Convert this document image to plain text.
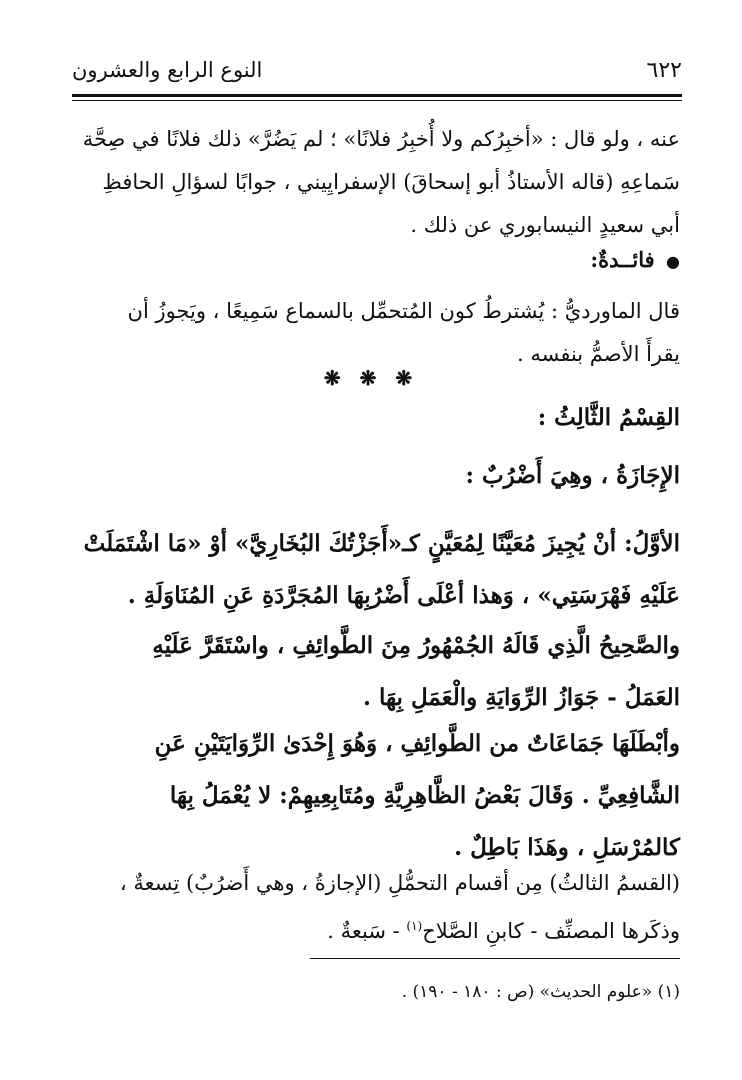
٦٢٢
النوع الرابع والعشرون
عنه ، ولو قال : «أخبِرُكم ولا أُخبِرُ فلانًا» ؛ لم يَضُرَّ» ذلك فلانًا في صِحَّة
سَماعِهِ (قاله الأستاذُ أبو إسحاقَ) الإسفرايِيني ، جوابًا لسؤالِ الحافظِ
أبي سعيدٍ النيسابوري عن ذلك .
● فائــدةٌ:
قال الماورديُّ : يُشترطُ كون المُتحمِّل بالسماع سَمِيعًا ، ويَجوزُ أن
يقرأَ الأصمُّ بنفسه .
❋ ❋ ❋
القِسْمُ الثَّالِثُ :
الإِجَازَةُ ، وهِيَ أَضْرُبٌ :
الأوَّلُ: أنْ يُجِيزَ مُعَيَّنًا لِمُعَيَّنٍ كـ«أَجَزْتُكَ البُخَارِيَّ» أوْ «مَا اشْتَمَلَتْ
عَلَيْهِ فَهْرَسَتِي» ، وَهذا أعْلَى أَضْرُبِهَا المُجَرَّدَةِ عَنِ المُنَاوَلَةِ .
والصَّحِيحُ الَّذِي قَالَهُ الجُمْهُورُ مِنَ الطَّوائِفِ ، واسْتَقَرَّ عَلَيْهِ
العَمَلُ - جَوَازُ الرِّوَايَةِ والْعَمَلِ بِهَا .
وأبْطَلَهَا جَمَاعَاتٌ من الطَّوائِفِ ، وَهُوَ إِحْدَىٰ الرِّوَايَتَيْنِ عَنِ
الشَّافِعِيِّ . وَقَالَ بَعْضُ الظَّاهِرِيَّةِ ومُتَابِعِيهِمْ: لا يُعْمَلُ بِهَا
كالمُرْسَلِ ، وهَذَا بَاطِلٌ .
(القسمُ الثالثُ) مِن أقسام التحمُّلِ (الإجازةُ ، وهي أَضرُبٌ) تِسعةٌ ،
وذكَرها المصنِّف - كابنِ الصَّلاح$^{(١)}$ - سَبعةٌ .
(١) «علوم الحديث» (ص : ١٨٠ - ١٩٠) .
